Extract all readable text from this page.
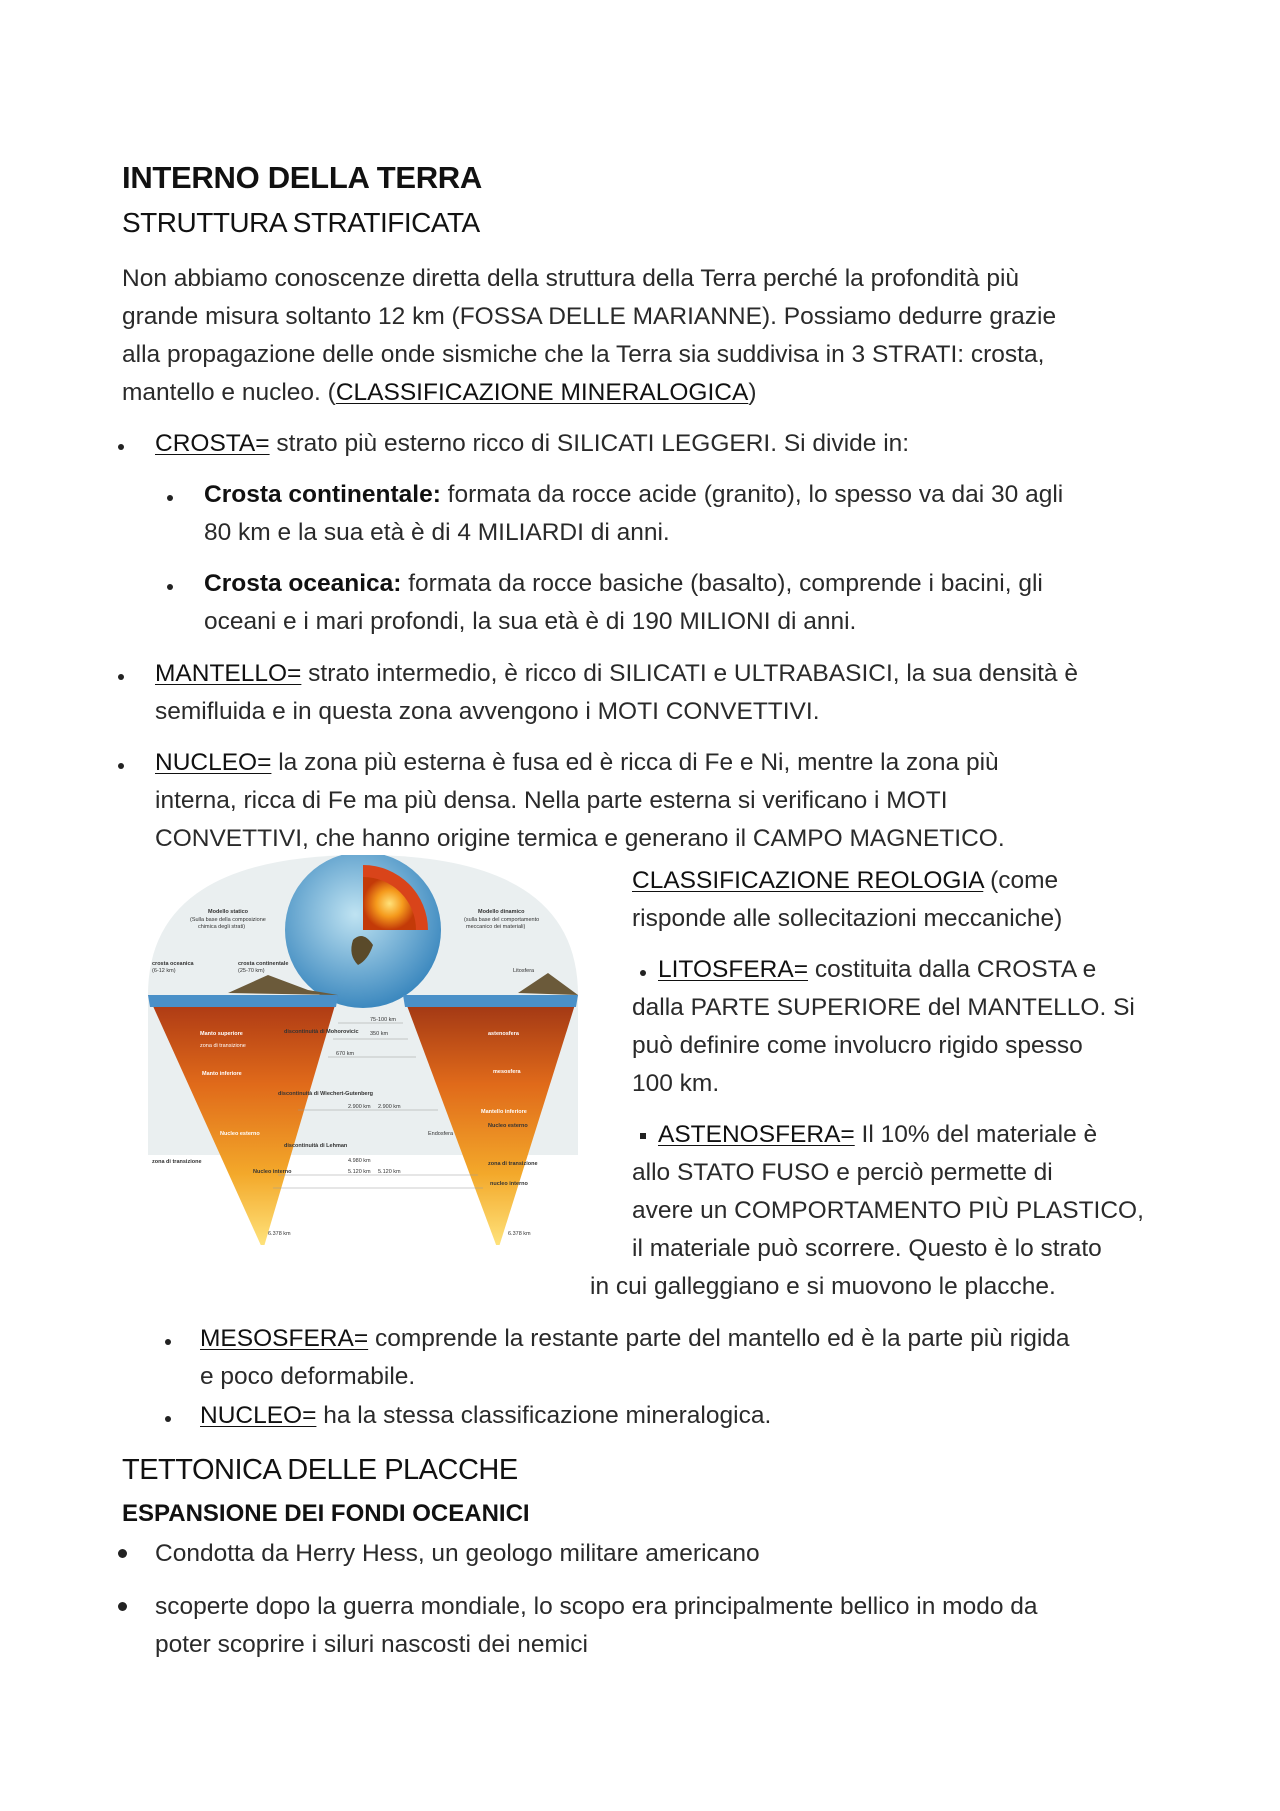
INTERNO DELLA TERRA
STRUTTURA STRATIFICATA
Non abbiamo conoscenze diretta della struttura della Terra perché la profondità più
grande misura soltanto 12 km (FOSSA DELLE MARIANNE). Possiamo dedurre grazie
alla propagazione delle onde sismiche che la Terra sia suddivisa in 3 STRATI: crosta,
mantello e nucleo. (CLASSIFICAZIONE MINERALOGICA)
CROSTA= strato più esterno ricco di SILICATI LEGGERI. Si divide in:
Crosta continentale: formata da rocce acide (granito), lo spesso va dai 30 agli
80 km e la sua età è di 4 MILIARDI di anni.
Crosta oceanica: formata da rocce basiche (basalto), comprende i bacini, gli
oceani e i mari profondi, la sua età è di 190 MILIONI di anni.
MANTELLO= strato intermedio, è ricco di SILICATI e ULTRABASICI, la sua densità è
semifluida e in questa zona avvengono i MOTI CONVETTIVI.
NUCLEO= la zona più esterna è fusa ed è ricca di Fe e Ni, mentre la zona più
interna, ricca di Fe ma più densa. Nella parte esterna si verificano i MOTI
CONVETTIVI, che hanno origine termica e generano il CAMPO MAGNETICO.
Modello statico
(Sulla base della composizione
chimica degli strati)
crosta oceanica
(6-12 km)
crosta continentale
(25-70 km)
Manto superiore
zona di transizione
Manto inferiore
Nucleo esterno
Nucleo interno
zona di transizione
6.378 km
discontinuità di Mohorovicic
discontinuità di Wiechert-Gutenberg
discontinuità di Lehman
75-100 km
350 km
670 km
2.900 km 2.900 km
4.980 km
5.120 km 5.120 km
Modello dinamico
(sulla base del comportamento
meccanico dei materiali)
Litosfera
astenosfera
mesosfera
Mantello inferiore
Nucleo esterno
Endosfera
zona di transizione
nucleo interno
6.378 km
CLASSIFICAZIONE REOLOGIA (come
risponde alle sollecitazioni meccaniche)
LITOSFERA= costituita dalla CROSTA e
dalla PARTE SUPERIORE del MANTELLO. Si
può definire come involucro rigido spesso
100 km.
ASTENOSFERA= Il 10% del materiale è
allo STATO FUSO e perciò permette di
avere un COMPORTAMENTO PIÙ PLASTICO,
il materiale può scorrere. Questo è lo strato
in cui galleggiano e si muovono le placche.
MESOSFERA= comprende la restante parte del mantello ed è la parte più rigida
e poco deformabile.
NUCLEO= ha la stessa classificazione mineralogica.
TETTONICA DELLE PLACCHE
ESPANSIONE DEI FONDI OCEANICI
Condotta da Herry Hess, un geologo militare americano
scoperte dopo la guerra mondiale, lo scopo era principalmente bellico in modo da
poter scoprire i siluri nascosti dei nemici
